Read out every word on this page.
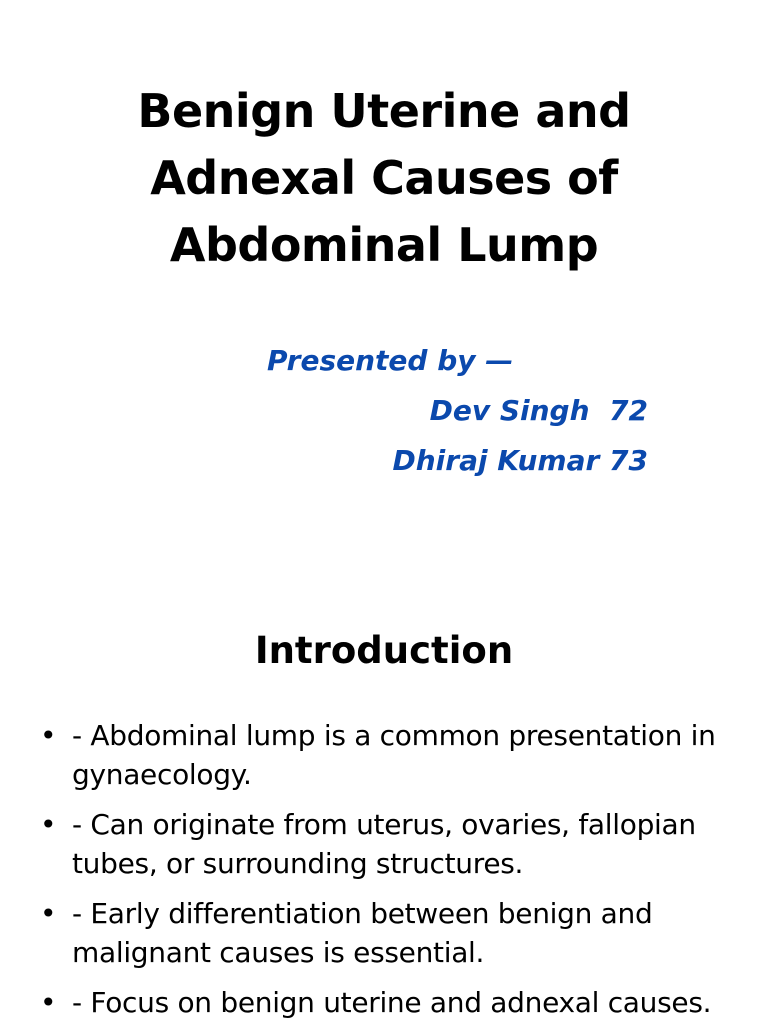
Benign Uterine and
Adnexal Causes of
Abdominal Lump
Presented by —
Dev Singh  72
Dhiraj Kumar 73
Introduction
• - Abdominal lump is a common presentation in gynaecology.
• - Can originate from uterus, ovaries, fallopian tubes, or surrounding structures.
• - Early differentiation between benign and malignant causes is essential.
• - Focus on benign uterine and adnexal causes.
